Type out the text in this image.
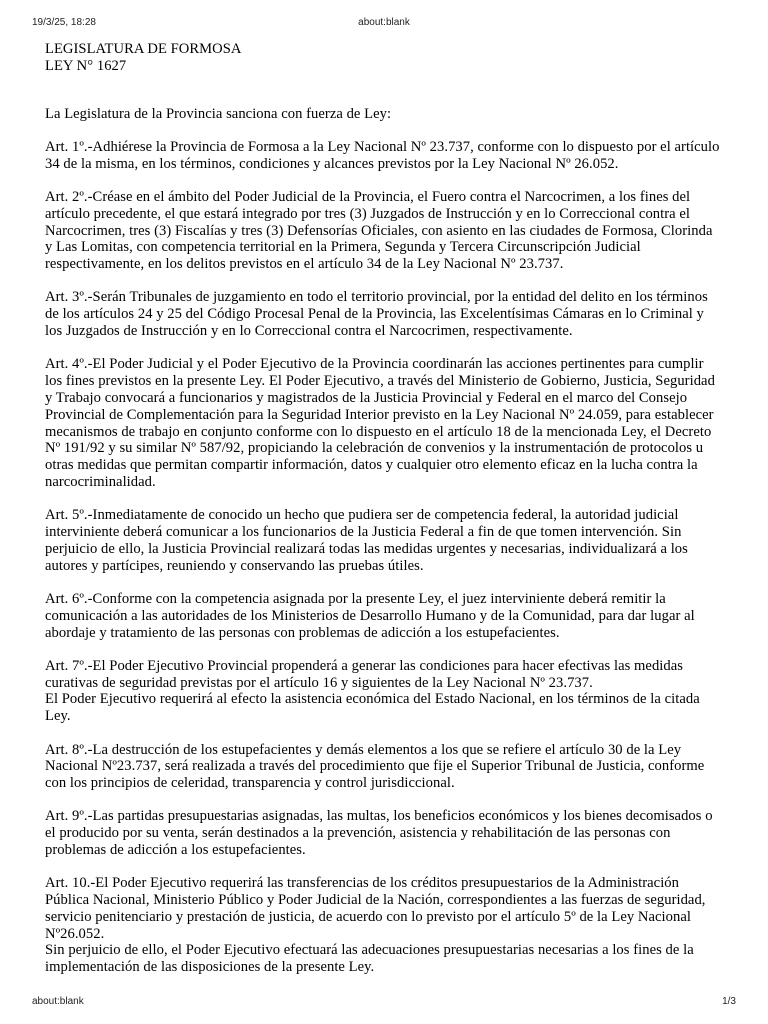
19/3/25, 18:28	about:blank
LEGISLATURA DE FORMOSA
LEY N° 1627

La Legislatura de la Provincia sanciona con fuerza de Ley:

Art. 1º.-Adhiérese la Provincia de Formosa a la Ley Nacional Nº 23.737, conforme con lo dispuesto por el artículo 34 de la misma, en los términos, condiciones y alcances previstos por la Ley Nacional Nº 26.052.
Art. 2º.-Créase en el ámbito del Poder Judicial de la Provincia, el Fuero contra el Narcocrimen, a los fines del artículo precedente, el que estará integrado por tres (3) Juzgados de Instrucción y en lo Correccional contra el Narcocrimen, tres (3) Fiscalías y tres (3) Defensorías Oficiales, con asiento en las ciudades de Formosa, Clorinda y Las Lomitas, con competencia territorial en la Primera, Segunda y Tercera Circunscripción Judicial respectivamente, en los delitos previstos en el artículo 34 de la Ley Nacional Nº 23.737.
Art. 3º.-Serán Tribunales de juzgamiento en todo el territorio provincial, por la entidad del delito en los términos de los artículos 24 y 25 del Código Procesal Penal de la Provincia, las Excelentísimas Cámaras en lo Criminal y los Juzgados de Instrucción y en lo Correccional contra el Narcocrimen, respectivamente.
Art. 4º.-El Poder Judicial y el Poder Ejecutivo de la Provincia coordinarán las acciones pertinentes para cumplir los fines previstos en la presente Ley. El Poder Ejecutivo, a través del Ministerio de Gobierno, Justicia, Seguridad y Trabajo convocará a funcionarios y magistrados de la Justicia Provincial y Federal en el marco del Consejo Provincial de Complementación para la Seguridad Interior previsto en la Ley Nacional Nº 24.059, para establecer mecanismos de trabajo en conjunto conforme con lo dispuesto en el artículo 18 de la mencionada Ley, el Decreto Nº 191/92 y su similar Nº 587/92, propiciando la celebración de convenios y la instrumentación de protocolos u otras medidas que permitan compartir información, datos y cualquier otro elemento eficaz en la lucha contra la narcocriminalidad.
Art. 5º.-Inmediatamente de conocido un hecho que pudiera ser de competencia federal, la autoridad judicial interviniente deberá comunicar a los funcionarios de la Justicia Federal a fin de que tomen intervención. Sin perjuicio de ello, la Justicia Provincial realizará todas las medidas urgentes y necesarias, individualizará a los autores y partícipes, reuniendo y conservando las pruebas útiles.
Art. 6º.-Conforme con la competencia asignada por la presente Ley, el juez interviniente deberá remitir la comunicación a las autoridades de los Ministerios de Desarrollo Humano y de la Comunidad, para dar lugar al abordaje y tratamiento de las personas con problemas de adicción a los estupefacientes.
Art. 7º.-El Poder Ejecutivo Provincial propenderá a generar las condiciones para hacer efectivas las medidas curativas de seguridad previstas por el artículo 16 y siguientes de la Ley Nacional Nº 23.737.
El Poder Ejecutivo requerirá al efecto la asistencia económica del Estado Nacional, en los términos de la citada Ley.
Art. 8º.-La destrucción de los estupefacientes y demás elementos a los que se refiere el artículo 30 de la Ley Nacional Nº23.737, será realizada a través del procedimiento que fije el Superior Tribunal de Justicia, conforme con los principios de celeridad, transparencia y control jurisdiccional.
Art. 9º.-Las partidas presupuestarias asignadas, las multas, los beneficios económicos y los bienes decomisados o el producido por su venta, serán destinados a la prevención, asistencia y rehabilitación de las personas con problemas de adicción a los estupefacientes.
Art. 10.-El Poder Ejecutivo requerirá las transferencias de los créditos presupuestarios de la Administración Pública Nacional, Ministerio Público y Poder Judicial de la Nación, correspondientes a las fuerzas de seguridad, servicio penitenciario y prestación de justicia, de acuerdo con lo previsto por el artículo 5º de la Ley Nacional Nº26.052.
Sin perjuicio de ello, el Poder Ejecutivo efectuará las adecuaciones presupuestarias necesarias a los fines de la implementación de las disposiciones de la presente Ley.
about:blank	1/3
